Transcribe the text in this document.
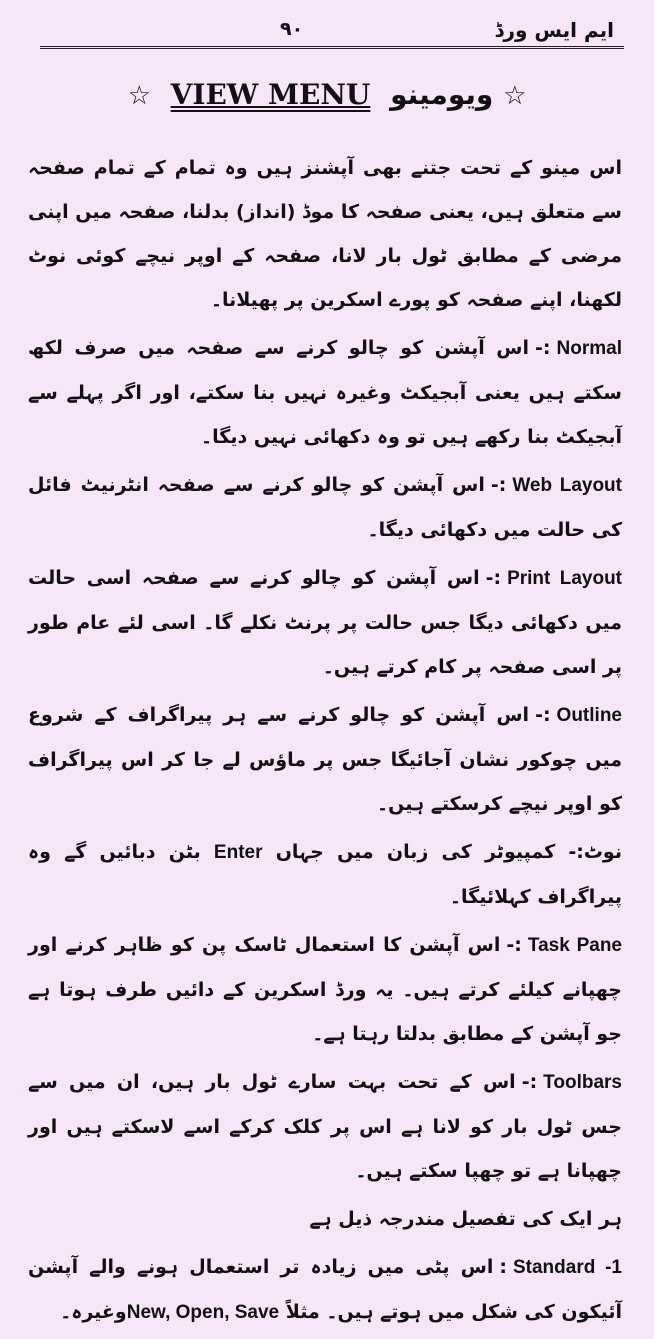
ایم ایس ورڈ
۹۰
☆ ویومینو VIEW MENU ☆

اس مینو کے تحت جتنے بھی آپشنز ہیں وہ تمام کے تمام صفحہ سے متعلق ہیں، یعنی صفحہ کا موڈ (انداز) بدلنا، صفحہ میں اپنی مرضی کے مطابق ٹول بار لانا، صفحہ کے اوپر نیچے کوئی نوٹ لکھنا، اپنے صفحہ کو پورے اسکرین پر پھیلانا۔

Normal:-اس آپشن کو چالو کرنے سے صفحہ میں صرف لکھ سکتے ہیں یعنی آبجیکٹ وغیرہ نہیں بنا سکتے، اور اگر پہلے سے آبجیکٹ بنا رکھے ہیں تو وہ دکھائی نہیں دیگا۔

Web Layout:-اس آپشن کو چالو کرنے سے صفحہ انٹرنیٹ فائل کی حالت میں دکھائی دیگا۔

Print Layout:-اس آپشن کو چالو کرنے سے صفحہ اسی حالت میں دکھائی دیگا جس حالت پر پرنٹ نکلے گا۔ اسی لئے عام طور پر اسی صفحہ پر کام کرتے ہیں۔

Outline:-اس آپشن کو چالو کرنے سے ہر پیراگراف کے شروع میں چوکور نشان آجائیگا جس پر ماؤس لے جا کر اس پیراگراف کو اوپر نیچے کرسکتے ہیں۔

نوٹ:- کمپیوٹر کی زبان میں جہاں Enter بٹن دبائیں گے وہ پیراگراف کہلائیگا۔

Task Pane:-اس آپشن کا استعمال ٹاسک پن کو ظاہر کرنے اور چھپانے کیلئے کرتے ہیں۔ یہ ورڈ اسکرین کے دائیں طرف ہوتا ہے جو آپشن کے مطابق بدلتا رہتا ہے۔

Toolbars:-اس کے تحت بہت سارے ٹول بار ہیں، ان میں سے جس ٹول بار کو لانا ہے اس پر کلک کرکے اسے لاسکتے ہیں اور چھپانا ہے تو چھپا سکتے ہیں۔

ہر ایک کی تفصیل مندرجہ ذیل ہے

Standard -1:اس پٹی میں زیادہ تر استعمال ہونے والے آپشن آئیکون کی شکل میں ہوتے ہیں۔ مثلاً New, Open, Saveوغیرہ۔
